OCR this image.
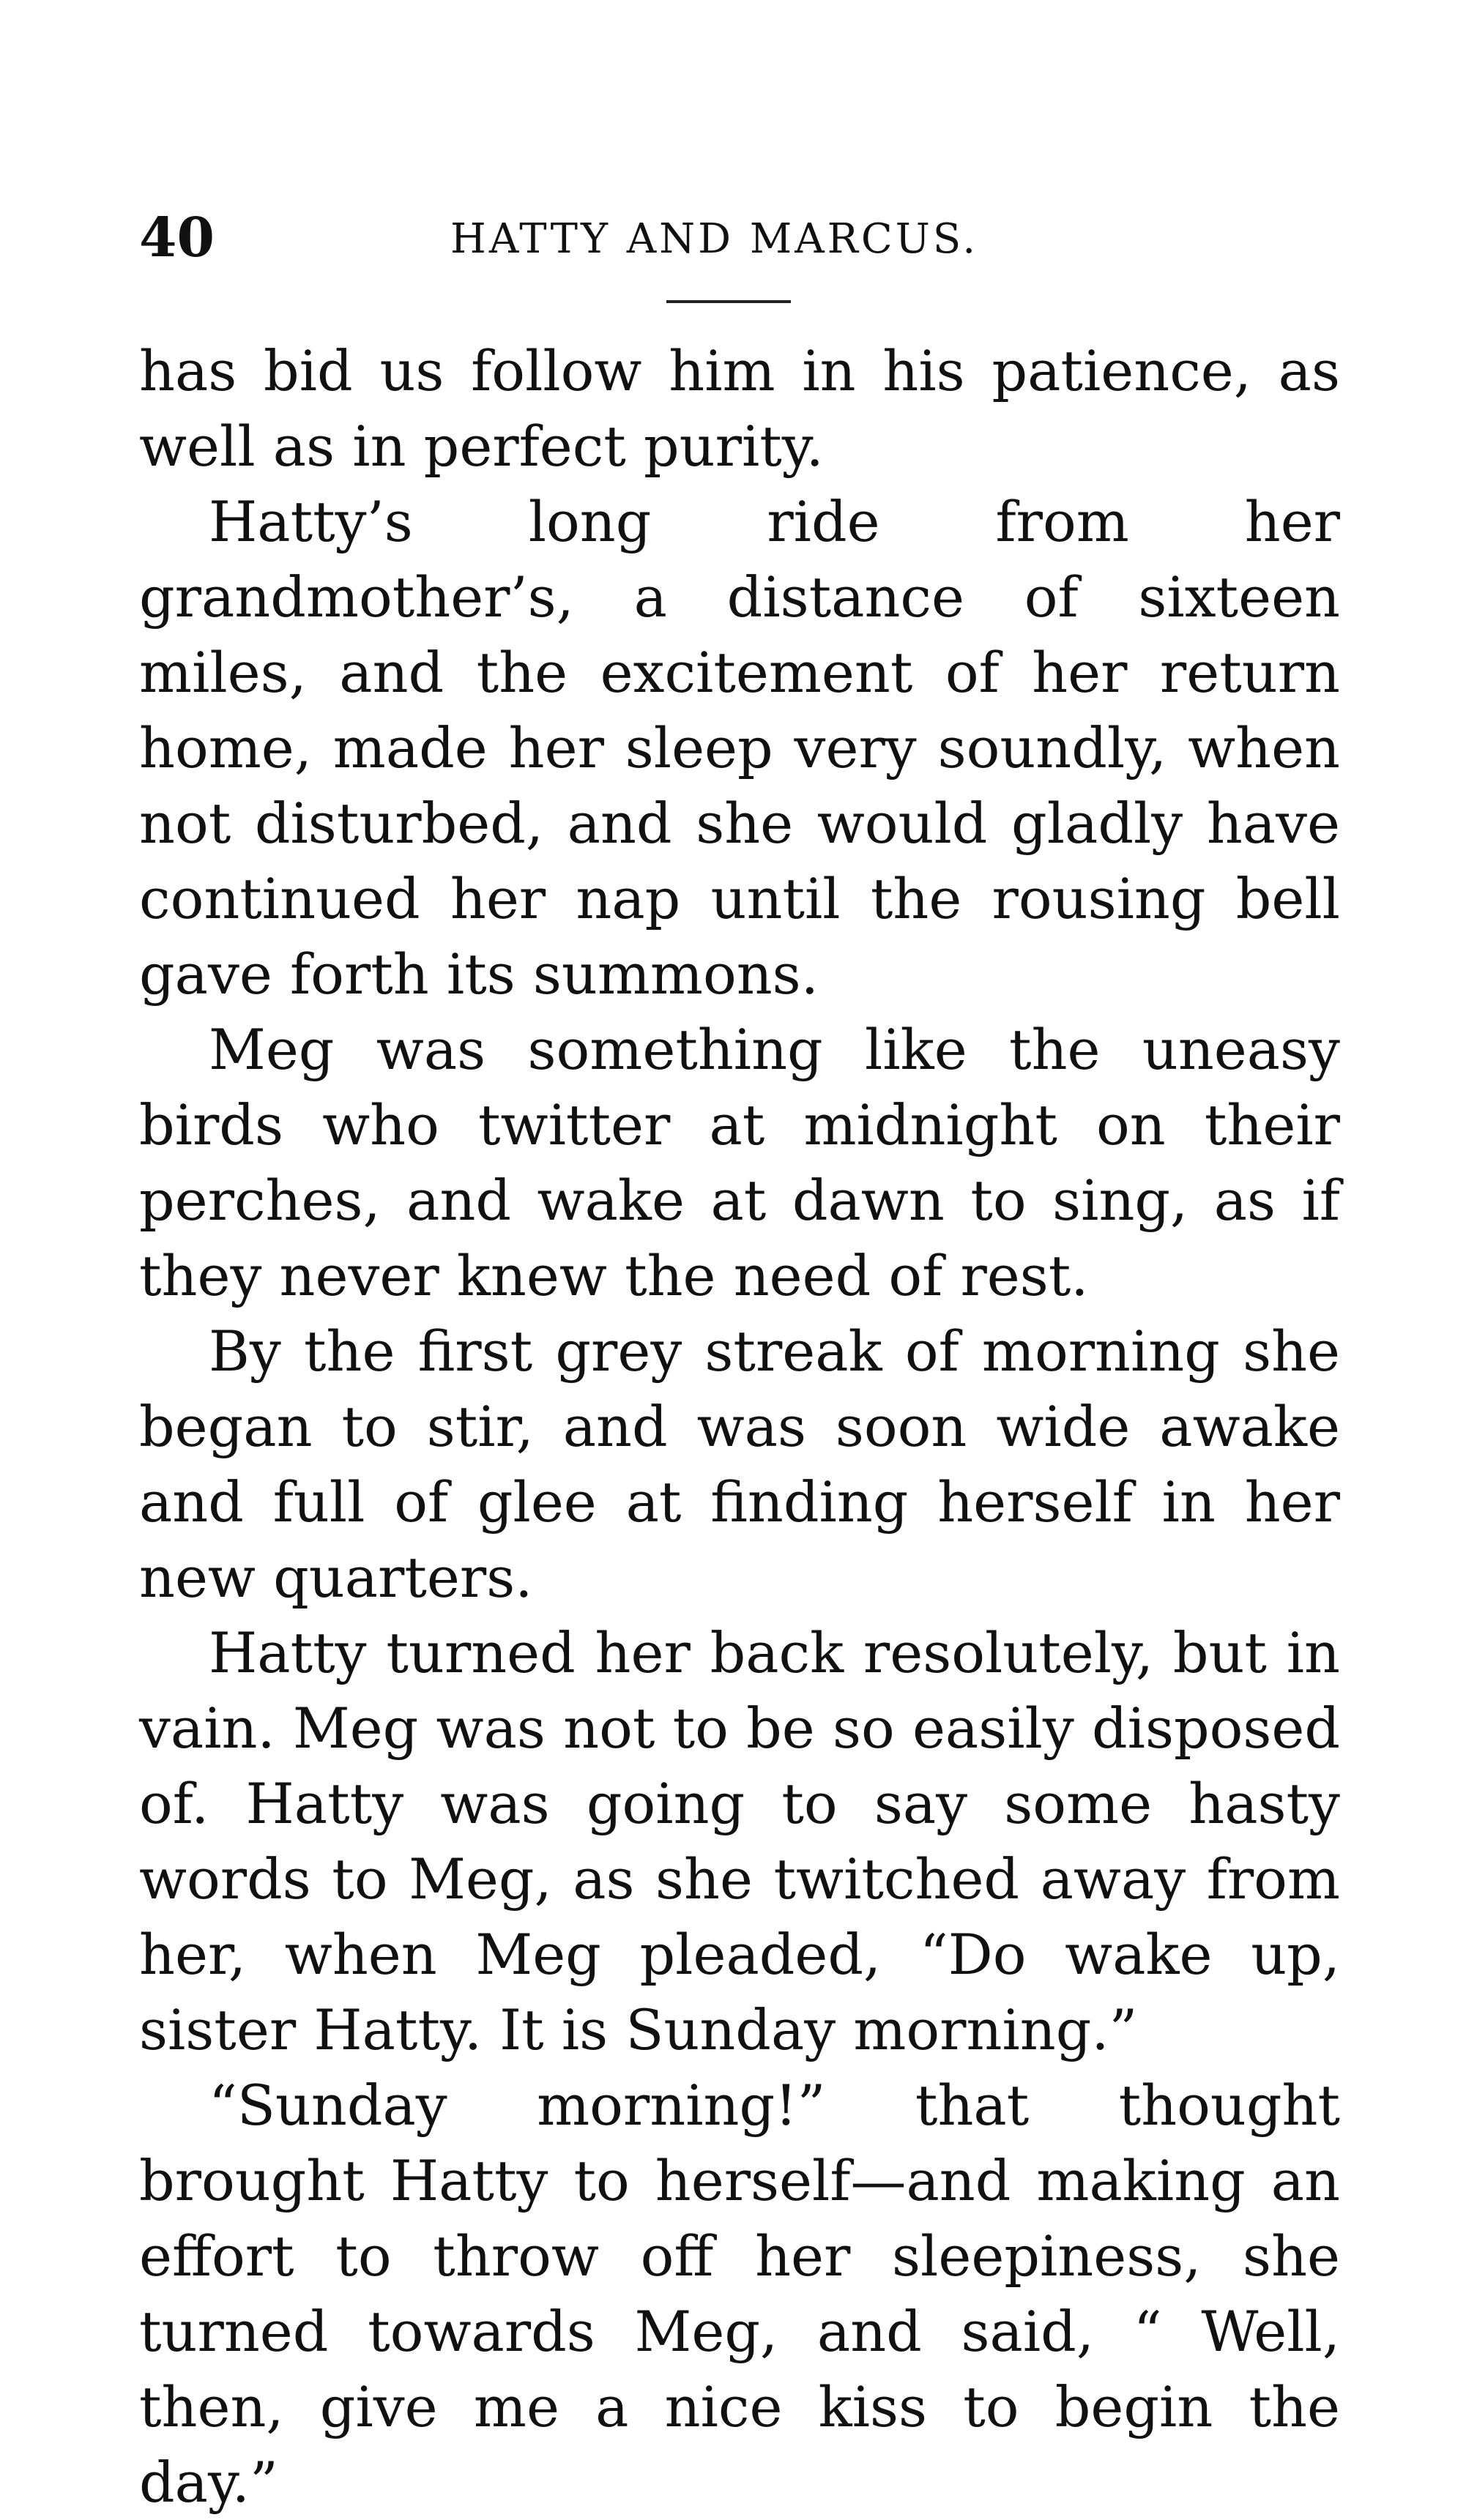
40	HATTY AND MARCUS.

has bid us follow him in his patience, as well as in perfect purity.

Hatty’s long ride from her grandmother’s, a distance of sixteen miles, and the excitement of her return home, made her sleep very soundly, when not disturbed, and she would gladly have continued her nap until the rousing bell gave forth its summons.

Meg was something like the uneasy birds who twitter at midnight on their perches, and wake at dawn to sing, as if they never knew the need of rest.

By the first grey streak of morning she began to stir, and was soon wide awake and full of glee at finding herself in her new quarters.

Hatty turned her back resolutely, but in vain. Meg was not to be so easily disposed of. Hatty was going to say some hasty words to Meg, as she twitched away from her, when Meg pleaded, “Do wake up, sister Hatty. It is Sunday morning.”

“Sunday morning!” that thought brought Hatty to herself—and making an effort to throw off her sleepiness, she turned towards Meg, and said, “ Well, then, give me a nice kiss to begin the day.”
